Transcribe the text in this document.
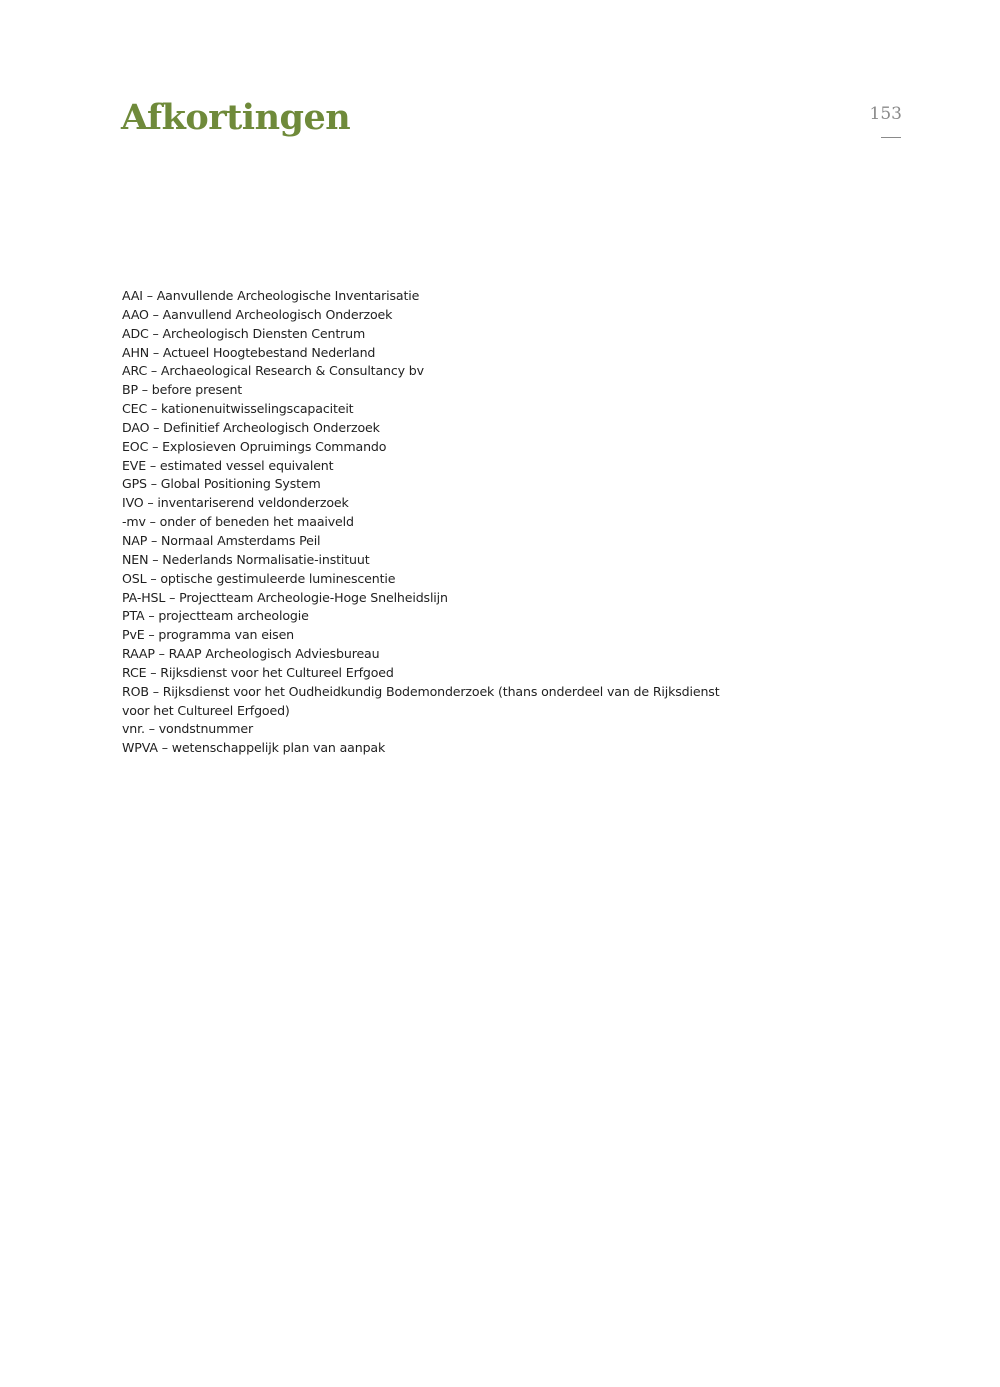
Afkortingen	153
AAI – Aanvullende Archeologische Inventarisatie
AAO – Aanvullend Archeologisch Onderzoek
ADC – Archeologisch Diensten Centrum
AHN – Actueel Hoogtebestand Nederland
ARC – Archaeological Research & Consultancy bv
BP – before present
CEC – kationenuitwisselingscapaciteit
DAO – Definitief Archeologisch Onderzoek
EOC – Explosieven Opruimings Commando
EVE – estimated vessel equivalent
GPS – Global Positioning System
IVO – inventariserend veldonderzoek
-mv – onder of beneden het maaiveld
NAP – Normaal Amsterdams Peil
NEN – Nederlands Normalisatie-instituut
OSL – optische gestimuleerde luminescentie
PA-HSL – Projectteam Archeologie-Hoge Snelheidslijn
PTA – projectteam archeologie
PvE – programma van eisen
RAAP – RAAP Archeologisch Adviesbureau
RCE – Rijksdienst voor het Cultureel Erfgoed
ROB – Rijksdienst voor het Oudheidkundig Bodemonderzoek (thans onderdeel van de Rijksdienst voor het Cultureel Erfgoed)
vnr. – vondstnummer
WPVA – wetenschappelijk plan van aanpak
